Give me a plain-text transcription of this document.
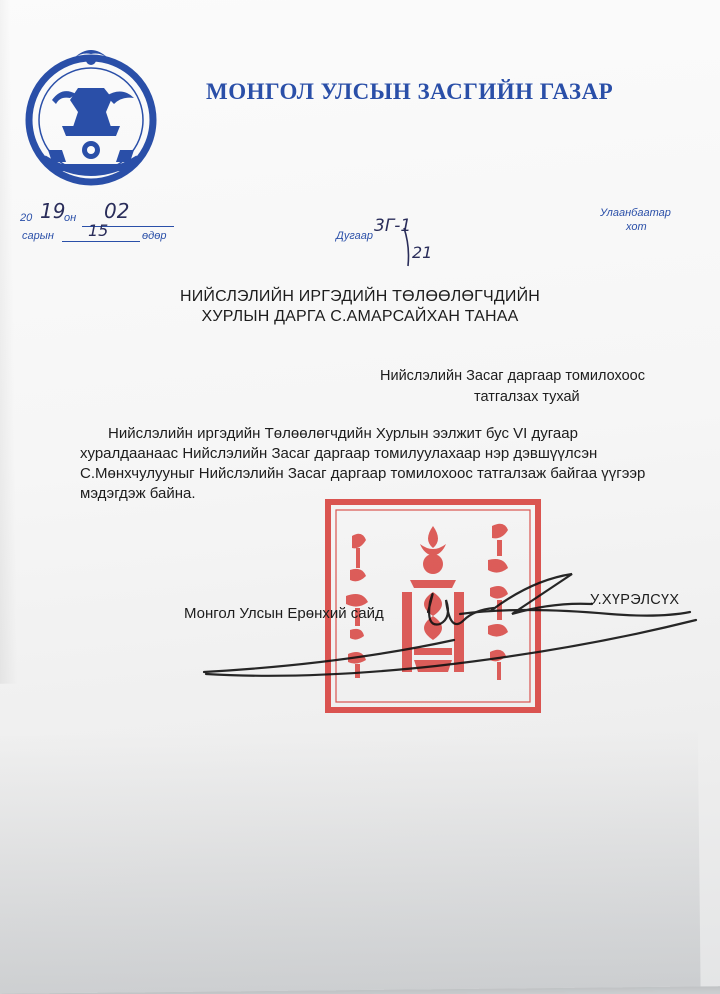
МОНГОЛ УЛСЫН ЗАСГИЙН ГАЗАР
20 19
он 02
сарын 15	өдөр	Дугаар 3Г-1
21
Улаанбаатар
хот
НИЙСЛЭЛИЙН ИРГЭДИЙН ТӨЛӨӨЛӨГЧДИЙН
ХУРЛЫН ДАРГА С.АМАРСАЙХАН ТАНАА
Нийслэлийн Засаг даргаар томилохоос
татгалзах тухай
Нийслэлийн иргэдийн Төлөөлөгчдийн Хурлын ээлжит бус VI дугаар
хуралдаанаас Нийслэлийн Засаг даргаар томилуулахаар нэр дэвшүүлсэн
С.Мөнхчулууныг Нийслэлийн Засаг даргаар томилохоос татгалзаж байгаа үүгээр
мэдэгдэж байна.
Монгол Улсын Ерөнхий сайд
У.ХҮРЭЛСҮХ
